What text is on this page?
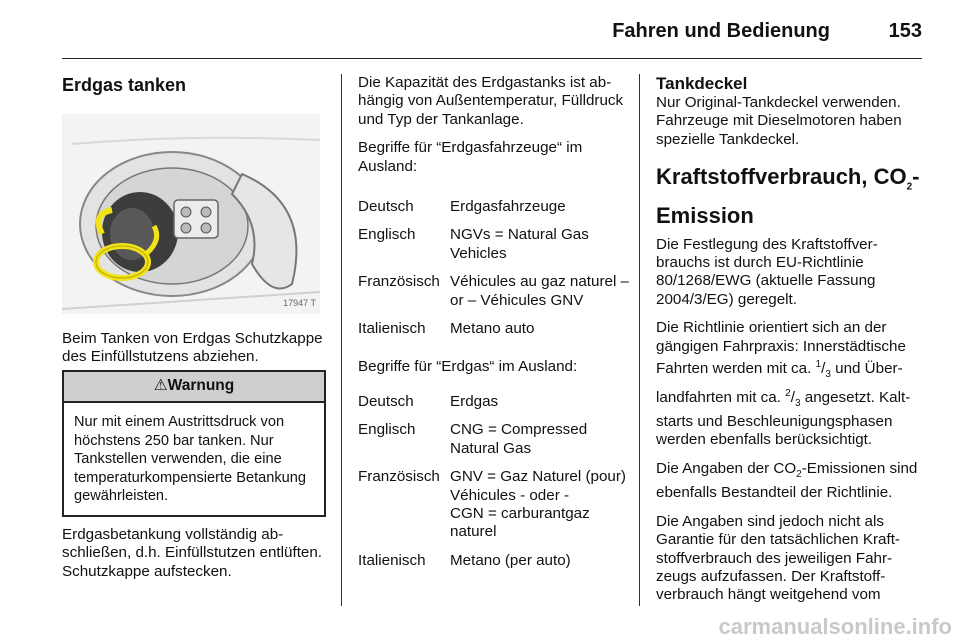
Fahren und Bedienung	153
Erdgas tanken
17947 T

Beim Tanken von Erdgas Schutzkappe des Einfüllstutzens abziehen.

⚠Warnung
Nur mit einem Austrittsdruck von höchstens 250 bar tanken. Nur Tankstellen verwenden, die eine temperaturkompensierte Betankung gewährleisten.

Erdgasbetankung vollständig abschließen, d.h. Einfüllstutzen entlüften. Schutzkappe aufstecken.

Die Kapazität des Erdgastanks ist abhängig von Außentemperatur, Fülldruck und Typ der Tankanlage.

Begriffe für “Erdgasfahrzeuge“ im Ausland:

Deutsch	Erdgasfahrzeuge
Englisch	NGVs = Natural Gas Vehicles
Französisch Véhicules au gaz naturel – or – Véhicules GNV
Italienisch	Metano auto

Begriffe für “Erdgas“ im Ausland:

Deutsch	Erdgas
Englisch	CNG = Compressed Natural Gas
Französisch GNV = Gaz Naturel (pour) Véhicules - oder -
CGN = carburantgaz naturel
Italienisch	Metano (per auto)
Tankdeckel

Nur Original-Tankdeckel verwenden. Fahrzeuge mit Dieselmotoren haben spezielle Tankdeckel.

Kraftstoffverbrauch, $CO_2$-Emission

Die Festlegung des Kraftstoffverbrauchs ist durch EU-Richtlinie 80/1268/EWG (aktuelle Fassung 2004/3/EG) geregelt.

Die Richtlinie orientiert sich an der gängigen Fahrpraxis: Innerstädtische Fahrten werden mit ca. $^1/_3$ und Überlandfahrten mit ca. $^2/_3$ angesetzt. Kaltstarts und Beschleunigungsphasen werden ebenfalls berücksichtigt.

Die Angaben der $CO_2$-Emissionen sind ebenfalls Bestandteil der Richtlinie.

Die Angaben sind jedoch nicht als Garantie für den tatsächlichen Kraftstoffverbrauch des jeweiligen Fahrzeugs aufzufassen. Der Kraftstoffverbrauch hängt weitgehend vom

carmanualsonline.info
